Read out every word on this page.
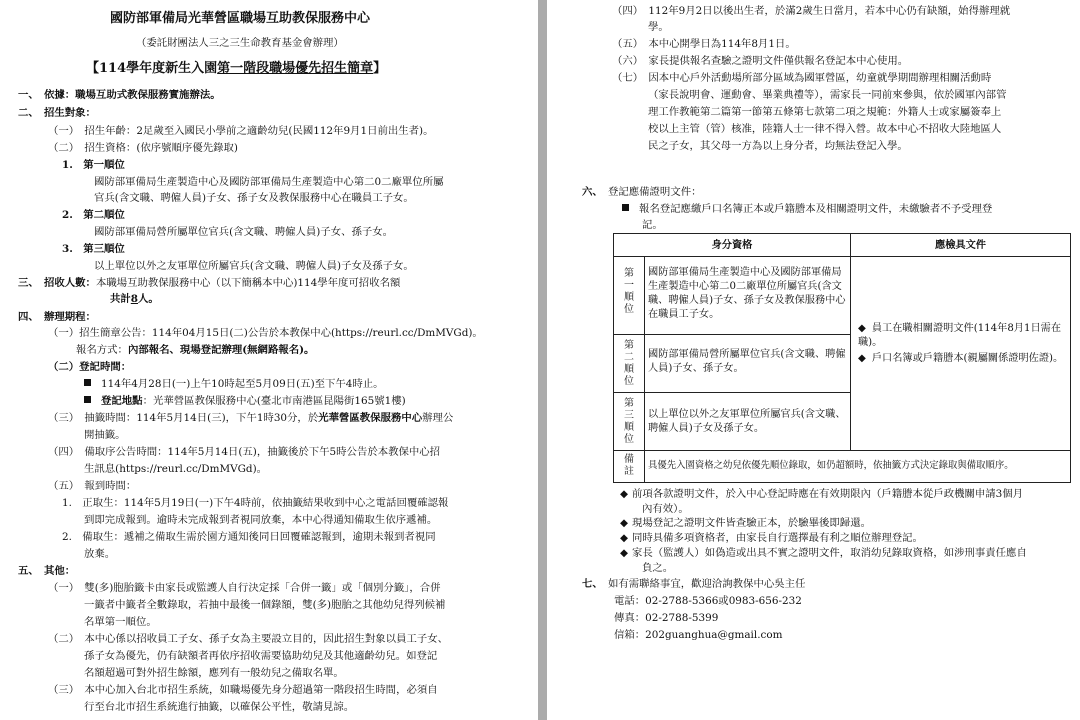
國防部軍備局光華營區職場互助教保服務中心
（委託財團法人三之三生命教育基金會辦理）
【114學年度新生入園第一階段職場優先招生簡章】
一、　 依據：職場互助式教保服務實施辦法。
二、　 招生對象：
（一）　招生年齡：2足歲至入國民小學前之適齡幼兒(民國112年9月1日前出生者)。
（二）　招生資格：(依序號順序優先錄取)
1.　 第一順位
國防部軍備局生產製造中心及國防部軍備局生產製造中心第二0二廠單位所屬
官兵(含文職、聘僱人員)子女、孫子女及教保服務中心在職員工子女。
2.　 第二順位
國防部軍備局營所屬單位官兵(含文職、聘僱人員)子女、孫子女。
3.　 第三順位
以上單位以外之友軍單位所屬官兵(含文職、聘僱人員)子女及孫子女。
三、　 招收人數：本職場互助教保服務中心（以下簡稱本中心)114學年度可招收名額
共計8人。
四、　 辦理期程：
（一）招生簡章公告：114年04月15日(二)公告於本教保中心(https://reurl.cc/DmMVGd)。
報名方式：內部報名、現場登記辦理(無網路報名)。
（二）登記時間：
114年4月28日(一)上午10時起至5月09日(五)至下午4時止。
登記地點：光華營區教保服務中心(臺北市南港區昆陽街165號1樓)
（三）　抽籤時間：114年5月14日(三)，下午1時30分，於光華營區教保服務中心辦理公
開抽籤。
（四）　備取序公告時間：114年5月14日(五)，抽籤後於下午5時公告於本教保中心招
生訊息(https://reurl.cc/DmMVGd)。
（五）　報到時間：
1.　正取生：114年5月19日(一)下午4時前，依抽籤結果收到中心之電話回覆確認報
到即完成報到。逾時未完成報到者視同放棄，本中心得通知備取生依序遞補。
2.　備取生：遞補之備取生需於園方通知後同日回覆確認報到，逾期未報到者視同
放棄。
五、　 其他：
（一）　雙(多)胞胎籤卡由家長或監護人自行決定採「合併一籤」或「個別分籤」，合併
一籤者中籤者全數錄取，若抽中最後一個錄額，雙(多)胞胎之其他幼兒得列候補
名單第一順位。
（二）　本中心係以招收員工子女、孫子女為主要設立目的，因此招生對象以員工子女、
孫子女為優先，仍有缺額者再依序招收需要協助幼兒及其他適齡幼兒。如登記
名額超過可對外招生餘額，應列有一般幼兒之備取名單。
（三）　本中心加入台北市招生系統，如職場優先身分超過第一階段招生時間，必須自
行至台北市招生系統進行抽籤，以確保公平性，敬請見諒。
（四）　112年9月2日以後出生者，於滿2歲生日當月，若本中心仍有缺額，始得辦理就
學。
（五）　本中心開學日為114年8月1日。
（六）　家長提供報名查驗之證明文件僅供報名登記本中心使用。
（七）　因本中心戶外活動場所部分區域為國軍營區，幼童就學期間辦理相關活動時
（家長說明會、運動會、畢業典禮等），需家長一同前來參與，依於國軍內部管
理工作教範第二篇第一節第五條第七款第二項之規範：外籍人士或家屬簽奉上
校以上主管（管）核准，陸籍人士一律不得入營。故本中心不招收大陸地區人
民之子女，其父母一方為以上身分者，均無法登記入學。
六、　 登記應備證明文件：
報名登記應繳戶口名簿正本或戶籍謄本及相關證明文件，未繳驗者不予受理登
記。
身分資格	應檢具文件
第一順位
國防部軍備局生產製造中心及國防部軍備局生產製造中心第二0二廠單位所屬官兵(含文職、聘僱人員)子女、孫子女及教保服務中心在職員工子女。
第二順位
國防部軍備局營所屬單位官兵(含文職、聘僱人員)子女、孫子女。
第三順位
以上單位以外之友軍單位所屬官兵(含文職、聘僱人員)子女及孫子女。
◆ 員工在職相關證明文件(114年8月1日需在職)。
◆ 戶口名簿或戶籍謄本(親屬關係證明佐證)。
備註
具優先入園資格之幼兒依優先順位錄取，如仍超額時，依抽籤方式決定錄取與備取順序。
◆ 前項各款證明文件，於入中心登記時應在有效期限內（戶籍謄本從戶政機關申請3個月
內有效）。
◆ 現場登記之證明文件皆查驗正本，於驗畢後即歸還。
◆ 同時具備多項資格者，由家長自行選擇最有利之順位辦理登記。
◆ 家長（監護人）如偽造或出具不實之證明文件，取消幼兒錄取資格，如涉刑事責任應自
負之。
七、　 如有需聯絡事宜，歡迎洽詢教保中心吳主任
電話：02-2788-5366或0983-656-232
傳真：02-2788-5399
信箱：202guanghua@gmail.com
